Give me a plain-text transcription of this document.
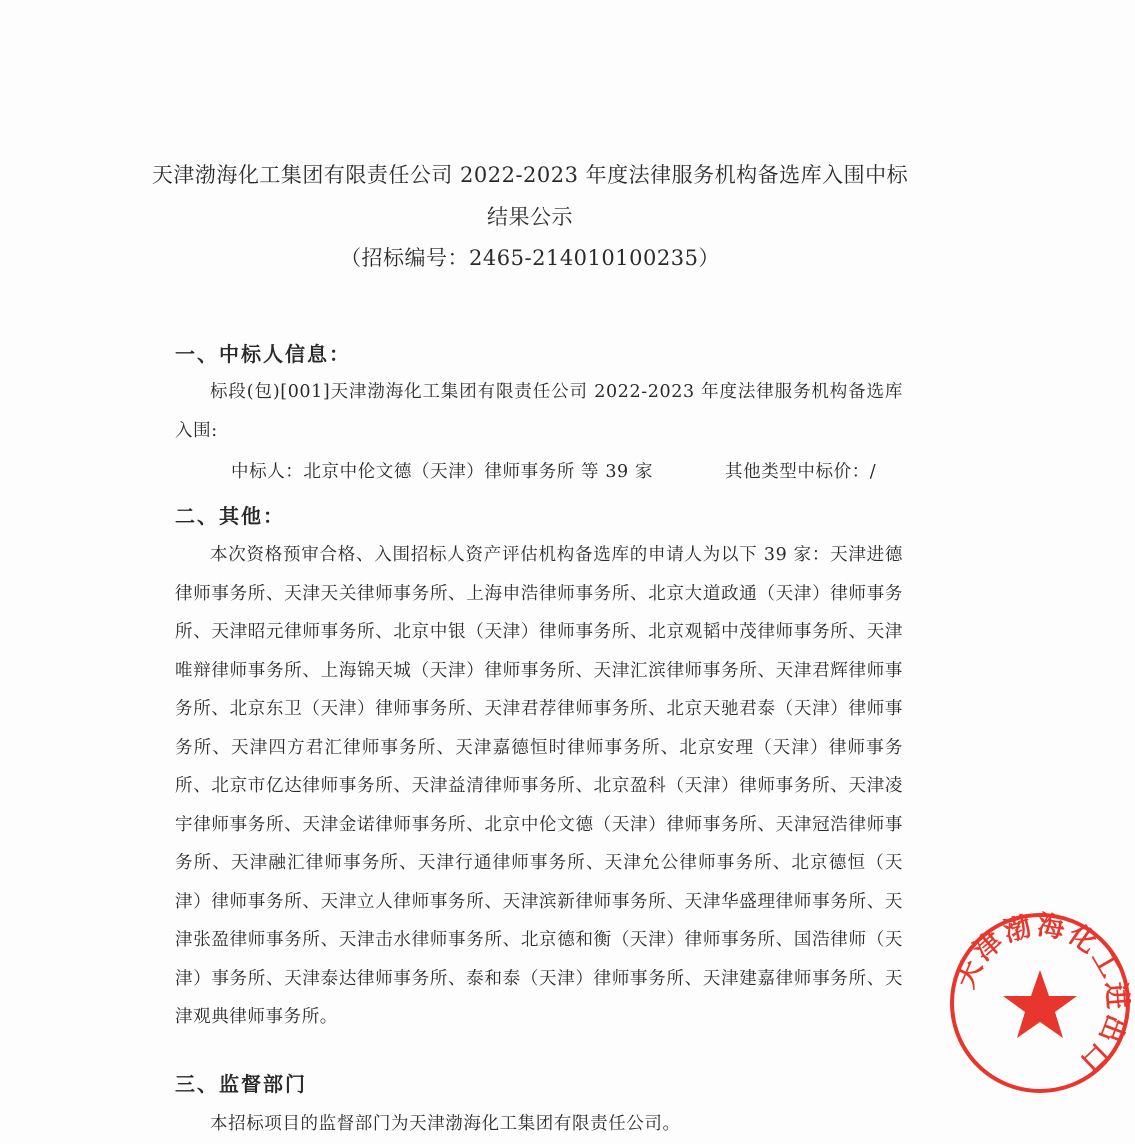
天津渤海化工集团有限责任公司 2022-2023 年度法律服务机构备选库入围中标
结果公示
（招标编号：2465-214010100235）
一、中标人信息：
标段(包)[001]天津渤海化工集团有限责任公司 2022-2023 年度法律服务机构备选库入围:
中标人：北京中伦文德（天津）律师事务所 等 39 家	其他类型中标价：/
二、其他：
本次资格预审合格、入围招标人资产评估机构备选库的申请人为以下 39 家：天津进德律师事务所、天津天关律师事务所、上海申浩律师事务所、北京大道政通（天津）律师事务所、天津昭元律师事务所、北京中银（天津）律师事务所、北京观韬中茂律师事务所、天津唯辩律师事务所、上海锦天城（天津）律师事务所、天津汇滨律师事务所、天津君辉律师事务所、北京东卫（天津）律师事务所、天津君荐律师事务所、北京天驰君泰（天津）律师事务所、天津四方君汇律师事务所、天津嘉德恒时律师事务所、北京安理（天津）律师事务所、北京市亿达律师事务所、天津益清律师事务所、北京盈科（天津）律师事务所、天津凌宇律师事务所、天津金诺律师事务所、北京中伦文德（天津）律师事务所、天津冠浩律师事务所、天津融汇律师事务所、天津行通律师事务所、天津允公律师事务所、北京德恒（天津）律师事务所、天津立人律师事务所、天津滨新律师事务所、天津华盛理律师事务所、天津张盈律师事务所、天津击水律师事务所、北京德和衡（天津）律师事务所、国浩律师（天津）事务所、天津泰达律师事务所、泰和泰（天津）律师事务所、天津建嘉律师事务所、天津观典律师事务所。
三、监督部门
本招标项目的监督部门为天津渤海化工集团有限责任公司。
天津渤海化工进出口
